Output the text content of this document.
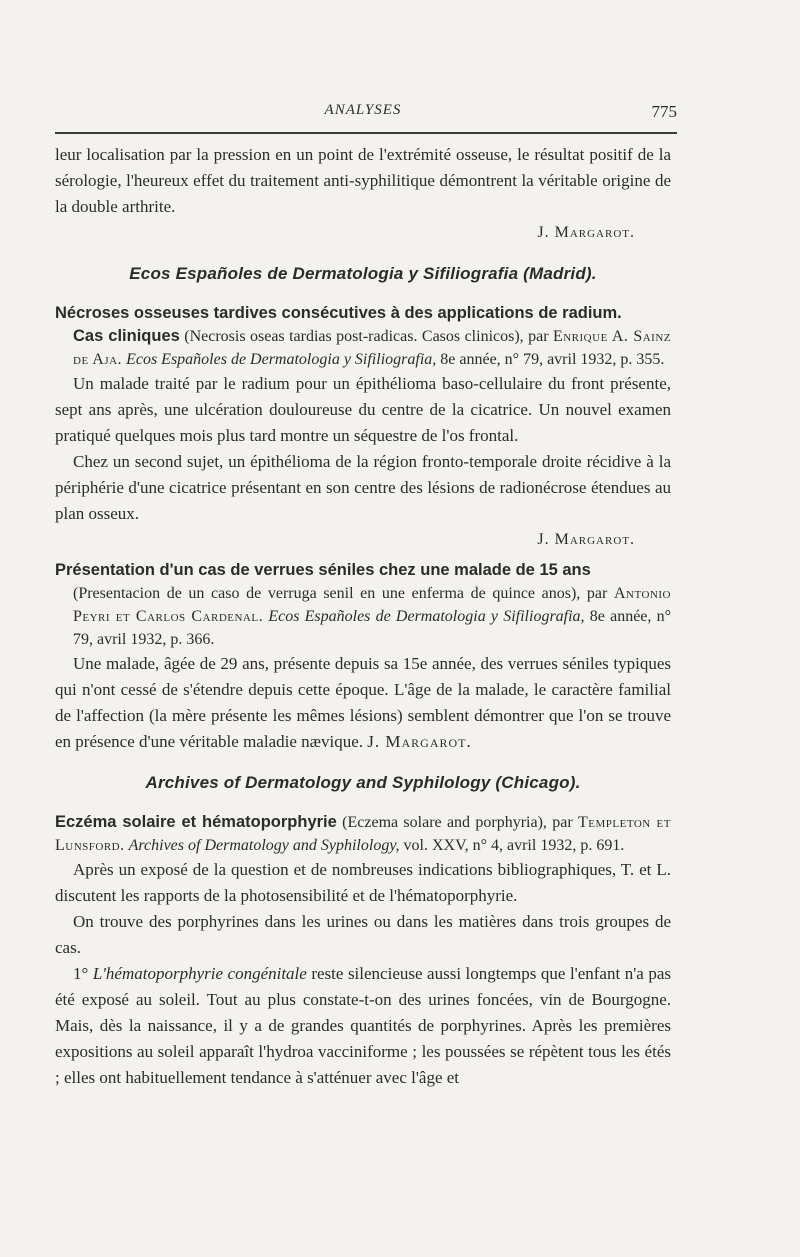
ANALYSES	775

leur localisation par la pression en un point de l'extrémité osseuse, le résultat positif de la sérologie, l'heureux effet du traitement anti-syphilitique démontrent la véritable origine de la double arthrite.

J. Margarot.
Ecos Españoles de Dermatologia y Sifiliografia (Madrid).
Nécroses osseuses tardives consécutives à des applications de radium.
Cas cliniques (Necrosis oseas tardias post-radicas. Casos clinicos), par Enrique A. Sainz de Aja. Ecos Españoles de Dermatologia y Sifiliografia, 8e année, n° 79, avril 1932, p. 355.

Un malade traité par le radium pour un épithélioma baso-cellulaire du front présente, sept ans après, une ulcération douloureuse du centre de la cicatrice. Un nouvel examen pratiqué quelques mois plus tard montre un séquestre de l'os frontal.

Chez un second sujet, un épithélioma de la région fronto-temporale droite récidive à la périphérie d'une cicatrice présentant en son centre des lésions de radionécrose étendues au plan osseux.

J. Margarot.
Présentation d'un cas de verrues séniles chez une malade de 15 ans
(Presentacion de un caso de verruga senil en une enferma de quince anos), par Antonio Peyri et Carlos Cardenal. Ecos Españoles de Dermatologia y Sifiliografia, 8e année, n° 79, avril 1932, p. 366.

Une malade, âgée de 29 ans, présente depuis sa 15e année, des verrues séniles typiques qui n'ont cessé de s'étendre depuis cette époque. L'âge de la malade, le caractère familial de l'affection (la mère présente les mêmes lésions) semblent démontrer que l'on se trouve en présence d'une véritable maladie nævique. J. Margarot.

Archives of Dermatology and Syphilology (Chicago).
Eczéma solaire et hématoporphyrie (Eczema solare and porphyria), par Templeton et Lunsford. Archives of Dermatology and Syphilology, vol. XXV, n° 4, avril 1932, p. 691.

Après un exposé de la question et de nombreuses indications bibliographiques, T. et L. discutent les rapports de la photosensibilité et de l'hématoporphyrie.

On trouve des porphyrines dans les urines ou dans les matières dans trois groupes de cas.

1° L'hématoporphyrie congénitale reste silencieuse aussi longtemps que l'enfant n'a pas été exposé au soleil. Tout au plus constate-t-on des urines foncées, vin de Bourgogne. Mais, dès la naissance, il y a de grandes quantités de porphyrines. Après les premières expositions au soleil apparaît l'hydroa vacciniforme ; les poussées se répètent tous les étés ; elles ont habituellement tendance à s'atténuer avec l'âge et
